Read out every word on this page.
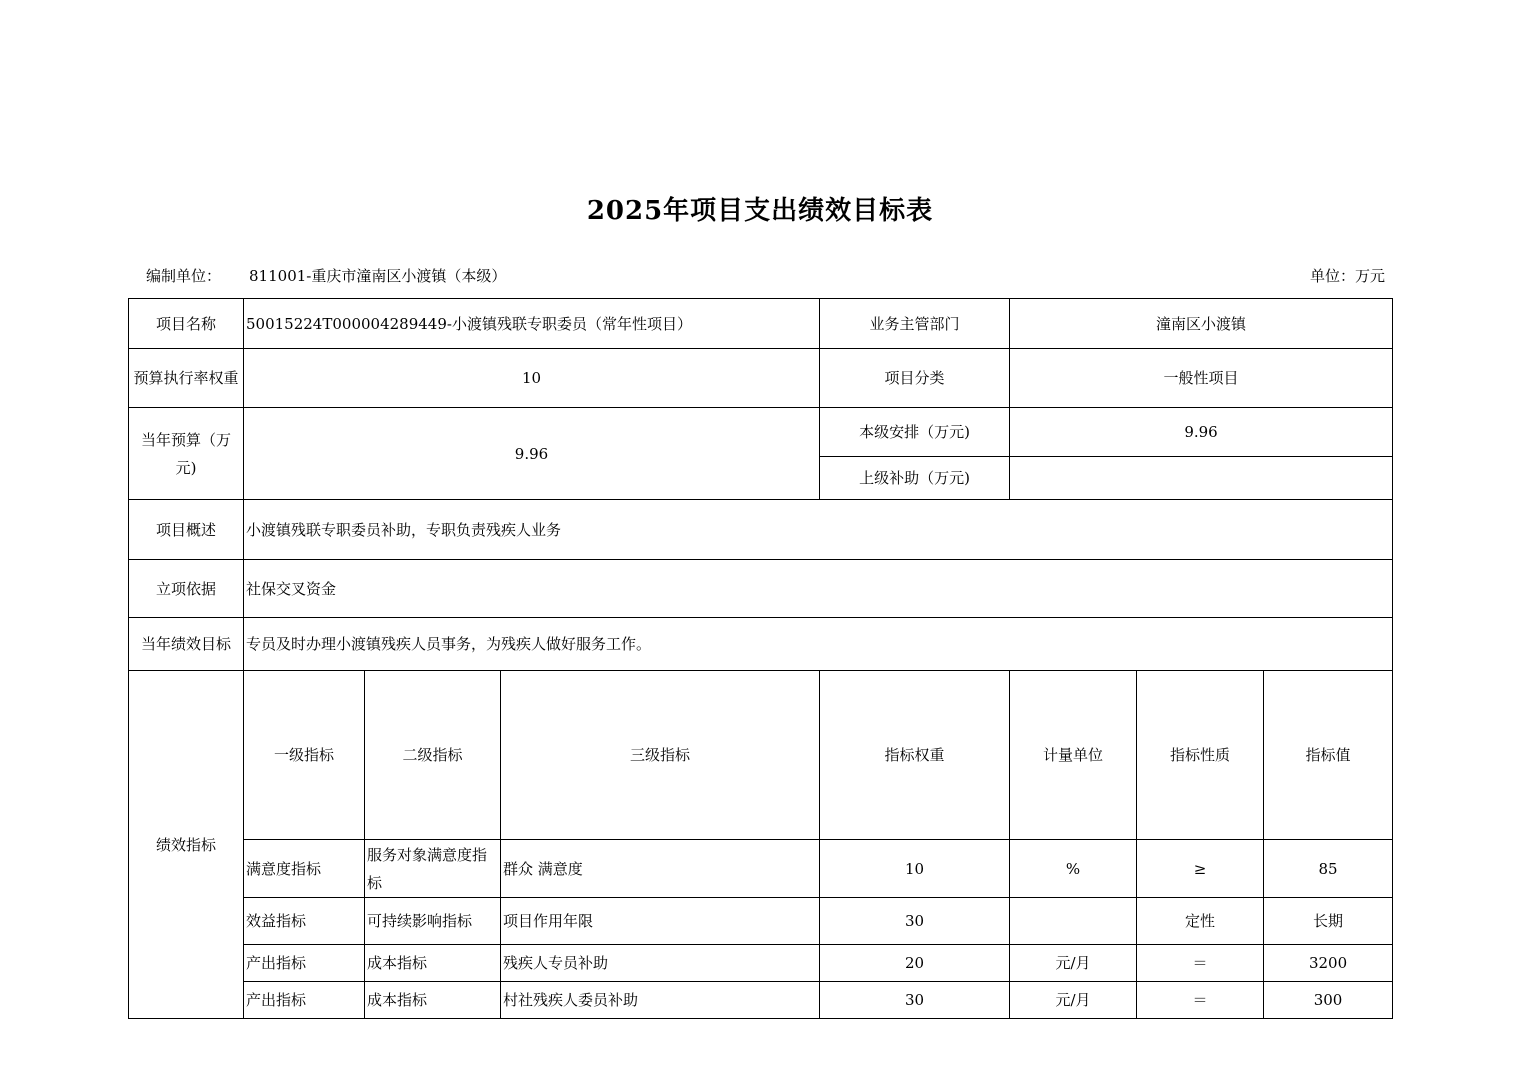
2025年项目支出绩效目标表
编制单位： 811001-重庆市潼南区小渡镇（本级）	单位：万元
项目名称	50015224T000004289449-小渡镇残联专职委员（常年性项目）			业务主管部门	潼南区小渡镇			
预算执行率权重	10			项目分类	一般性项目			
当年预算（万元)	9.96			本级安排（万元)	9.96			
				上级补助（万元)				
项目概述	小渡镇残联专职委员补助，专职负责残疾人业务							
立项依据	社保交叉资金							
当年绩效目标	专员及时办理小渡镇残疾人员事务，为残疾人做好服务工作。							
绩效指标	一级指标	二级指标	三级指标	指标权重	计量单位	指标性质	指标值	
	满意度指标	服务对象满意度指标	群众 满意度	10	%	≥	85	
	效益指标	可持续影响指标	项目作用年限	30		定性	长期	
	产出指标	成本指标	残疾人专员补助	20	元/月	＝	3200	
	产出指标	成本指标	村社残疾人委员补助	30	元/月	＝	300	
